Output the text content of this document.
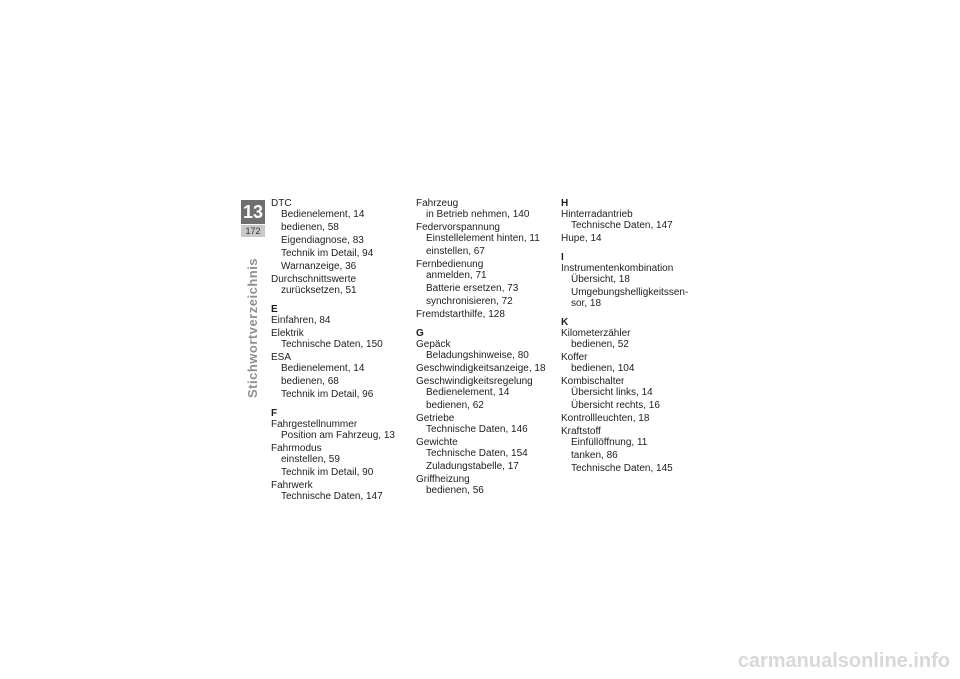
13
172
Stichwortverzeichnis
DTC
Bedienelement, 14
bedienen, 58
Eigendiagnose, 83
Technik im Detail, 94
Warnanzeige, 36
Durchschnittswerte
zurücksetzen, 51
E
Einfahren, 84
Elektrik
Technische Daten, 150
ESA
Bedienelement, 14
bedienen, 68
Technik im Detail, 96
F
Fahrgestellnummer
Position am Fahrzeug, 13
Fahrmodus
einstellen, 59
Technik im Detail, 90
Fahrwerk
Technische Daten, 147
Fahrzeug
in Betrieb nehmen, 140
Federvorspannung
Einstellelement hinten, 11
einstellen, 67
Fernbedienung
anmelden, 71
Batterie ersetzen, 73
synchronisieren, 72
Fremdstarthilfe, 128
G
Gepäck
Beladungshinweise, 80
Geschwindigkeitsanzeige, 18
Geschwindigkeitsregelung
Bedienelement, 14
bedienen, 62
Getriebe
Technische Daten, 146
Gewichte
Technische Daten, 154
Zuladungstabelle, 17
Griffheizung
bedienen, 56
H
Hinterradantrieb
Technische Daten, 147
Hupe, 14
I
Instrumentenkombination
Übersicht, 18
Umgebungshelligkeitssen-sor, 18
K
Kilometerzähler
bedienen, 52
Koffer
bedienen, 104
Kombischalter
Übersicht links, 14
Übersicht rechts, 16
Kontrollleuchten, 18
Kraftstoff
Einfüllöffnung, 11
tanken, 86
Technische Daten, 145
carmanualsonline.info
